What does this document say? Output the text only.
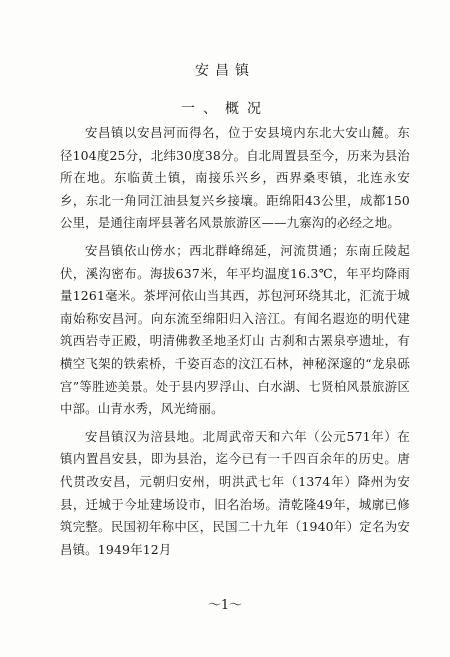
安昌镇
一、概况

安昌镇以安昌河而得名，位于安县境内东北大安山麓。东径104度25分，北纬30度38分。自北周置县至今，历来为县治所在地。东临黄土镇，南接乐兴乡，西界桑枣镇，北连永安乡，东北一角同江油县复兴乡接壤。距绵阳43公里，成都150公里，是通往南坪县著名风景旅游区——九寨沟的必经之地。

安昌镇依山傍水；西北群峰绵延，河流贯通；东南丘陵起伏，溪沟密布。海拔637米，年平均温度16.3℃，年平均降雨量1261毫米。茶坪河依山当其西，苏包河环绕其北，汇流于城南始称安昌河。向东流至绵阳归入涪江。有闻名遐迩的明代建筑西岩寺正殿，明清佛教圣地圣灯山 古刹和古罴泉亭遗址，有横空飞架的铁索桥，千姿百态的汶江石林，神秘深邃的“龙泉砾宫”等胜迹美景。处于县内罗浮山、白水湖、七贤柏风景旅游区中部。山青水秀，风光绮丽。

安昌镇汉为涪县地。北周武帝天和六年（公元571年）在镇内置昌安县，即为县治，迄今已有一千四百余年的历史。唐代贯改安昌，元朝归安州，明洪武七年（1374年）降州为安县，迁城于今址建场设市，旧名治场。清乾隆49年，城廓已修筑完整。民国初年称中区，民国二十九年（1940年）定名为安昌镇。1949年12月

～1～
